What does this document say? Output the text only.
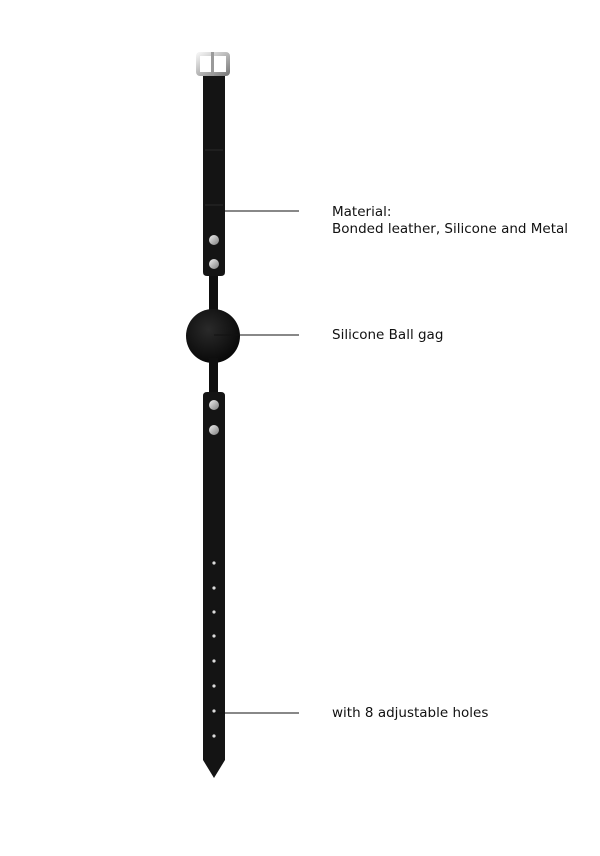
Material:
Bonded leather, Silicone and Metal
Silicone Ball gag
with 8 adjustable holes
